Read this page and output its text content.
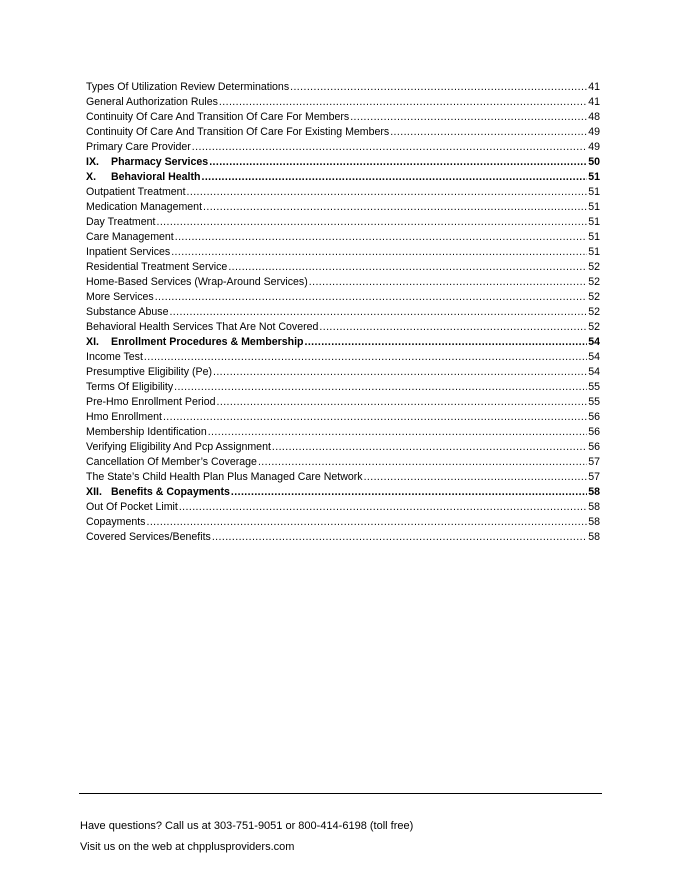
Types Of Utilization Review Determinations .....	41
General Authorization Rules .....	41
Continuity Of Care And Transition Of Care For Members .....	48
Continuity Of Care And Transition Of Care For Existing Members .....	49
Primary Care Provider .....	49
IX. Pharmacy Services .....	50
X. Behavioral Health .....	51
Outpatient Treatment .....	51
Medication Management .....	51
Day Treatment .....	51
Care Management .....	51
Inpatient Services .....	51
Residential Treatment Service .....	52
Home-Based Services (Wrap-Around Services) .....	52
More Services .....	52
Substance Abuse .....	52
Behavioral Health Services That Are Not Covered .....	52
XI. Enrollment Procedures & Membership .....	54
Income Test .....	54
Presumptive Eligibility (Pe) .....	54
Terms Of Eligibility .....	55
Pre-Hmo Enrollment Period .....	55
Hmo Enrollment .....	56
Membership Identification .....	56
Verifying Eligibility And Pcp Assignment .....	56
Cancellation Of Member’s Coverage .....	57
The State’s Child Health Plan Plus Managed Care Network .....	57
XII. Benefits & Copayments .....	58
Out Of Pocket Limit .....	58
Copayments .....	58
Covered Services/Benefits .....	58
Have questions? Call us at 303-751-9051 or 800-414-6198 (toll free)
Visit us on the web at chpplusproviders.com
